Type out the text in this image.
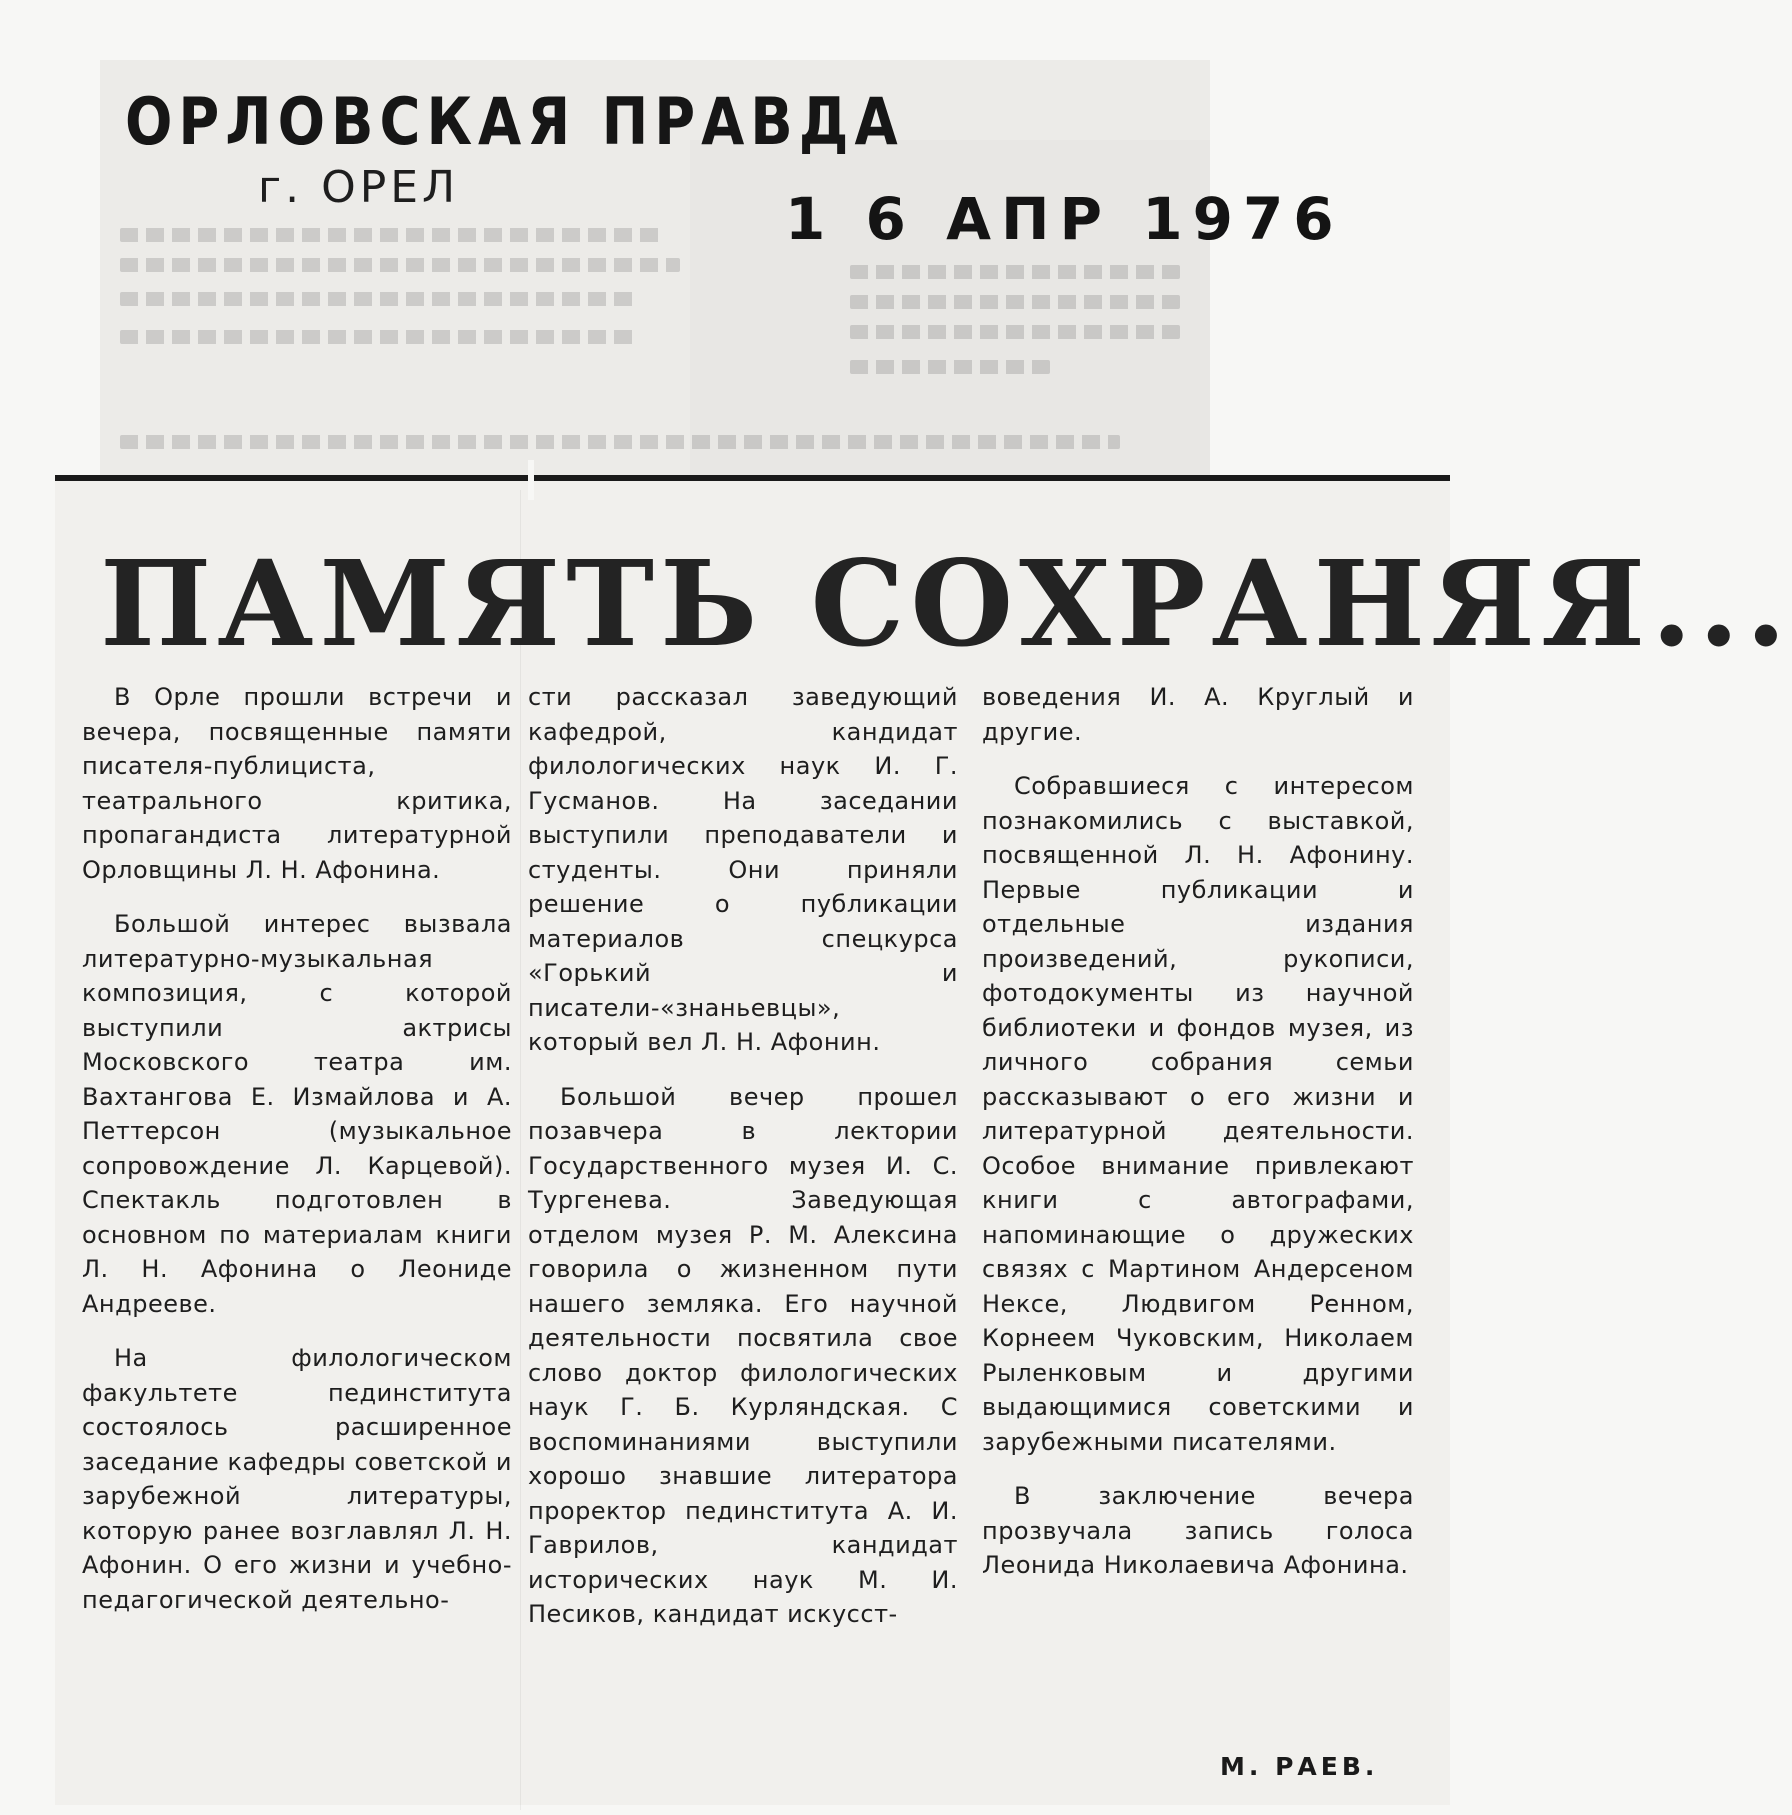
ОРЛОВСКАЯ ПРАВДА
г. ОРЕЛ	1 6 АПР 1976
ПАМЯТЬ СОХРАНЯЯ...

В Орле прошли встречи и вечера, посвященные памяти писателя-публициста, театрального критика, пропагандиста литературной Орловщины Л. Н. Афонина.

Большой интерес вызвала литературно-музыкальная композиция, с которой выступили актрисы Московского театра им. Вахтангова Е. Измайлова и А. Петтерсон (музыкальное сопровождение Л. Карцевой). Спектакль подготовлен в основном по материалам книги Л. Н. Афонина о Леониде Андрееве.

На филологическом факультете пединститута состоялось расширенное заседание кафедры советской и зарубежной литературы, которую ранее возглавлял Л. Н. Афонин. О его жизни и учебно-педагогической деятельно-

сти рассказал заведующий кафедрой, кандидат филологических наук И. Г. Гусманов. На заседании выступили преподаватели и студенты. Они приняли решение о публикации материалов спецкурса «Горький и писатели-«знаньевцы», который вел Л. Н. Афонин.

Большой вечер прошел позавчера в лектории Государственного музея И. С. Тургенева. Заведующая отделом музея Р. М. Алексина говорила о жизненном пути нашего земляка. Его научной деятельности посвятила свое слово доктор филологических наук Г. Б. Курляндская. С воспоминаниями выступили хорошо знавшие литератора проректор пединститута А. И. Гаврилов, кандидат исторических наук М. И. Песиков, кандидат искусст-

воведения И. А. Круглый и другие.

Собравшиеся с интересом познакомились с выставкой, посвященной Л. Н. Афонину. Первые публикации и отдельные издания произведений, рукописи, фотодокументы из научной библиотеки и фондов музея, из личного собрания семьи рассказывают о его жизни и литературной деятельности. Особое внимание привлекают книги с автографами, напоминающие о дружеских связях с Мартином Андерсеном Нексе, Людвигом Ренном, Корнеем Чуковским, Николаем Рыленковым и другими выдающимися советскими и зарубежными писателями.

В заключение вечера прозвучала запись голоса Леонида Николаевича Афонина.

М. РАЕВ.
